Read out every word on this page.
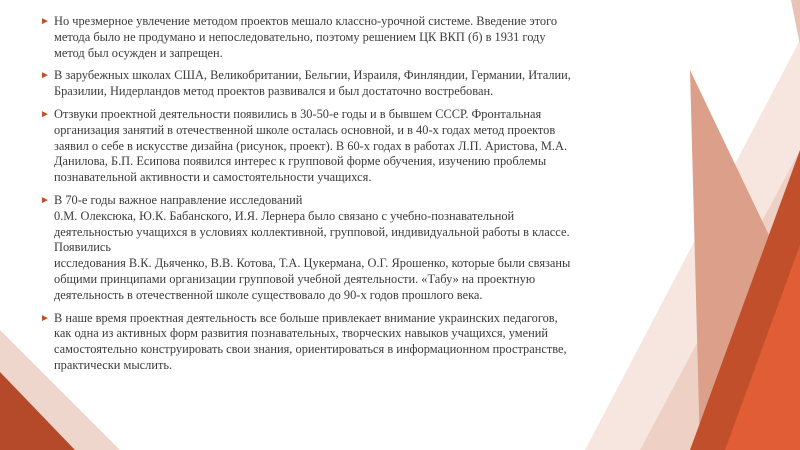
► Но чрезмерное увлечение методом проектов мешало классно-урочной системе. Введение этого
метода было не продумано и непоследовательно, поэтому решением ЦК ВКП (б) в 1931 году
метод был осужден и запрещен.
► В зарубежных школах США, Великобритании, Бельгии, Израиля, Финляндии, Германии, Италии,
Бразилии, Нидерландов метод проектов развивался и был достаточно востребован.
► Отзвуки проектной деятельности появились в 30-50-е годы и в бывшем СССР. Фронтальная
организация занятий в отечественной школе осталась основной, и в 40-х годах метод проектов
заявил о себе в искусстве дизайна (рисунок, проект). В 60-х годах в работах Л.П. Аристова, М.А.
Данилова, Б.П. Есипова появился интерес к групповой форме обучения, изучению проблемы
познавательной активности и самостоятельности учащихся.
► В 70-е годы важное направление исследований
0.М. Олексюка, Ю.К. Бабанского, И.Я. Лернера было связано с учебно-познавательной
деятельностью учащихся в условиях коллективной, групповой, индивидуальной работы в классе.
Появились
исследования В.К. Дьяченко, В.В. Котова, Т.А. Цукермана, О.Г. Ярошенко, которые были связаны
общими принципами организации групповой учебной деятельности. «Табу» на проектную
деятельность в отечественной школе существовало до 90-х годов прошлого века.
► В наше время проектная деятельность все больше привлекает внимание украинских педагогов,
как одна из активных форм развития познавательных, творческих навыков учащихся, умений
самостоятельно конструировать свои знания, ориентироваться в информационном пространстве,
практически мыслить.
